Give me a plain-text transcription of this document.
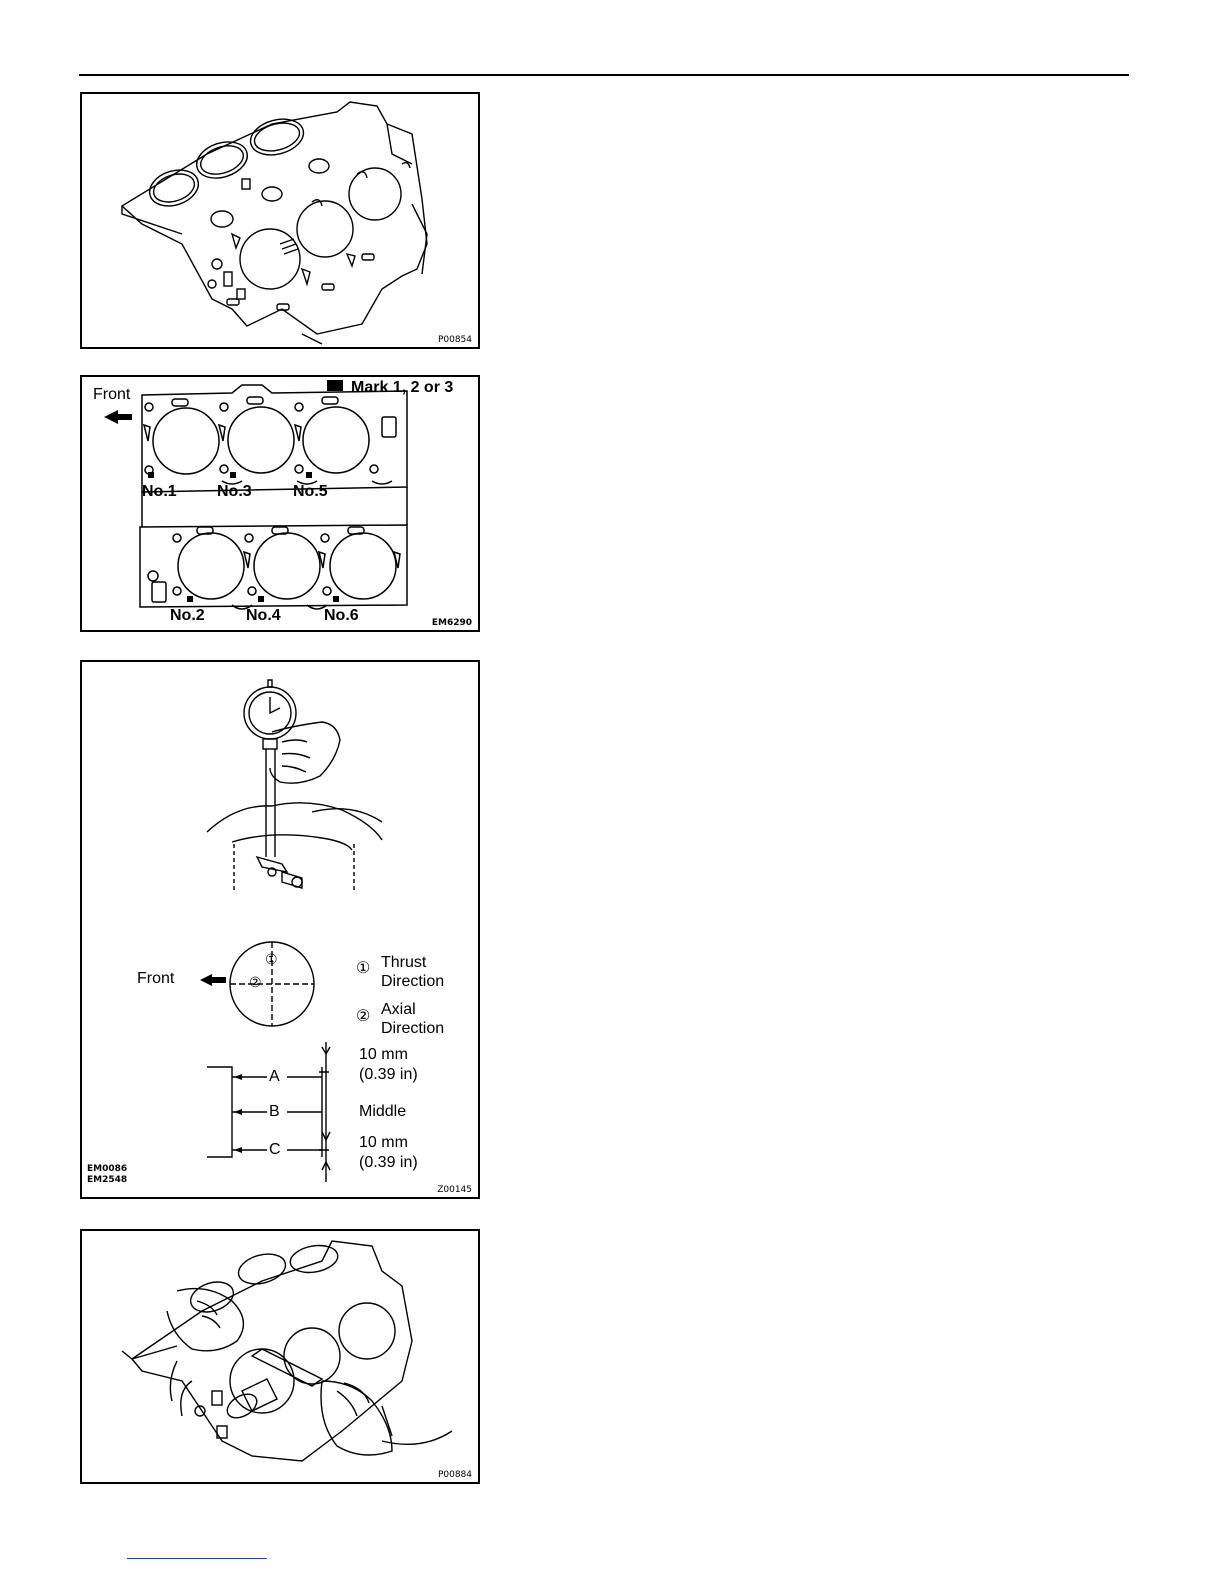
P00854
Front	Mark 1, 2 or 3
No.1	No.3	No.5
No.2	No.4	No.6	EM6290
Front
①
②
① Thrust
Direction
② Axial
Direction
A
B
C
10 mm
(0.39 in)
Middle
10 mm
(0.39 in)
EM0086
EM2548
Z00145
P00884
